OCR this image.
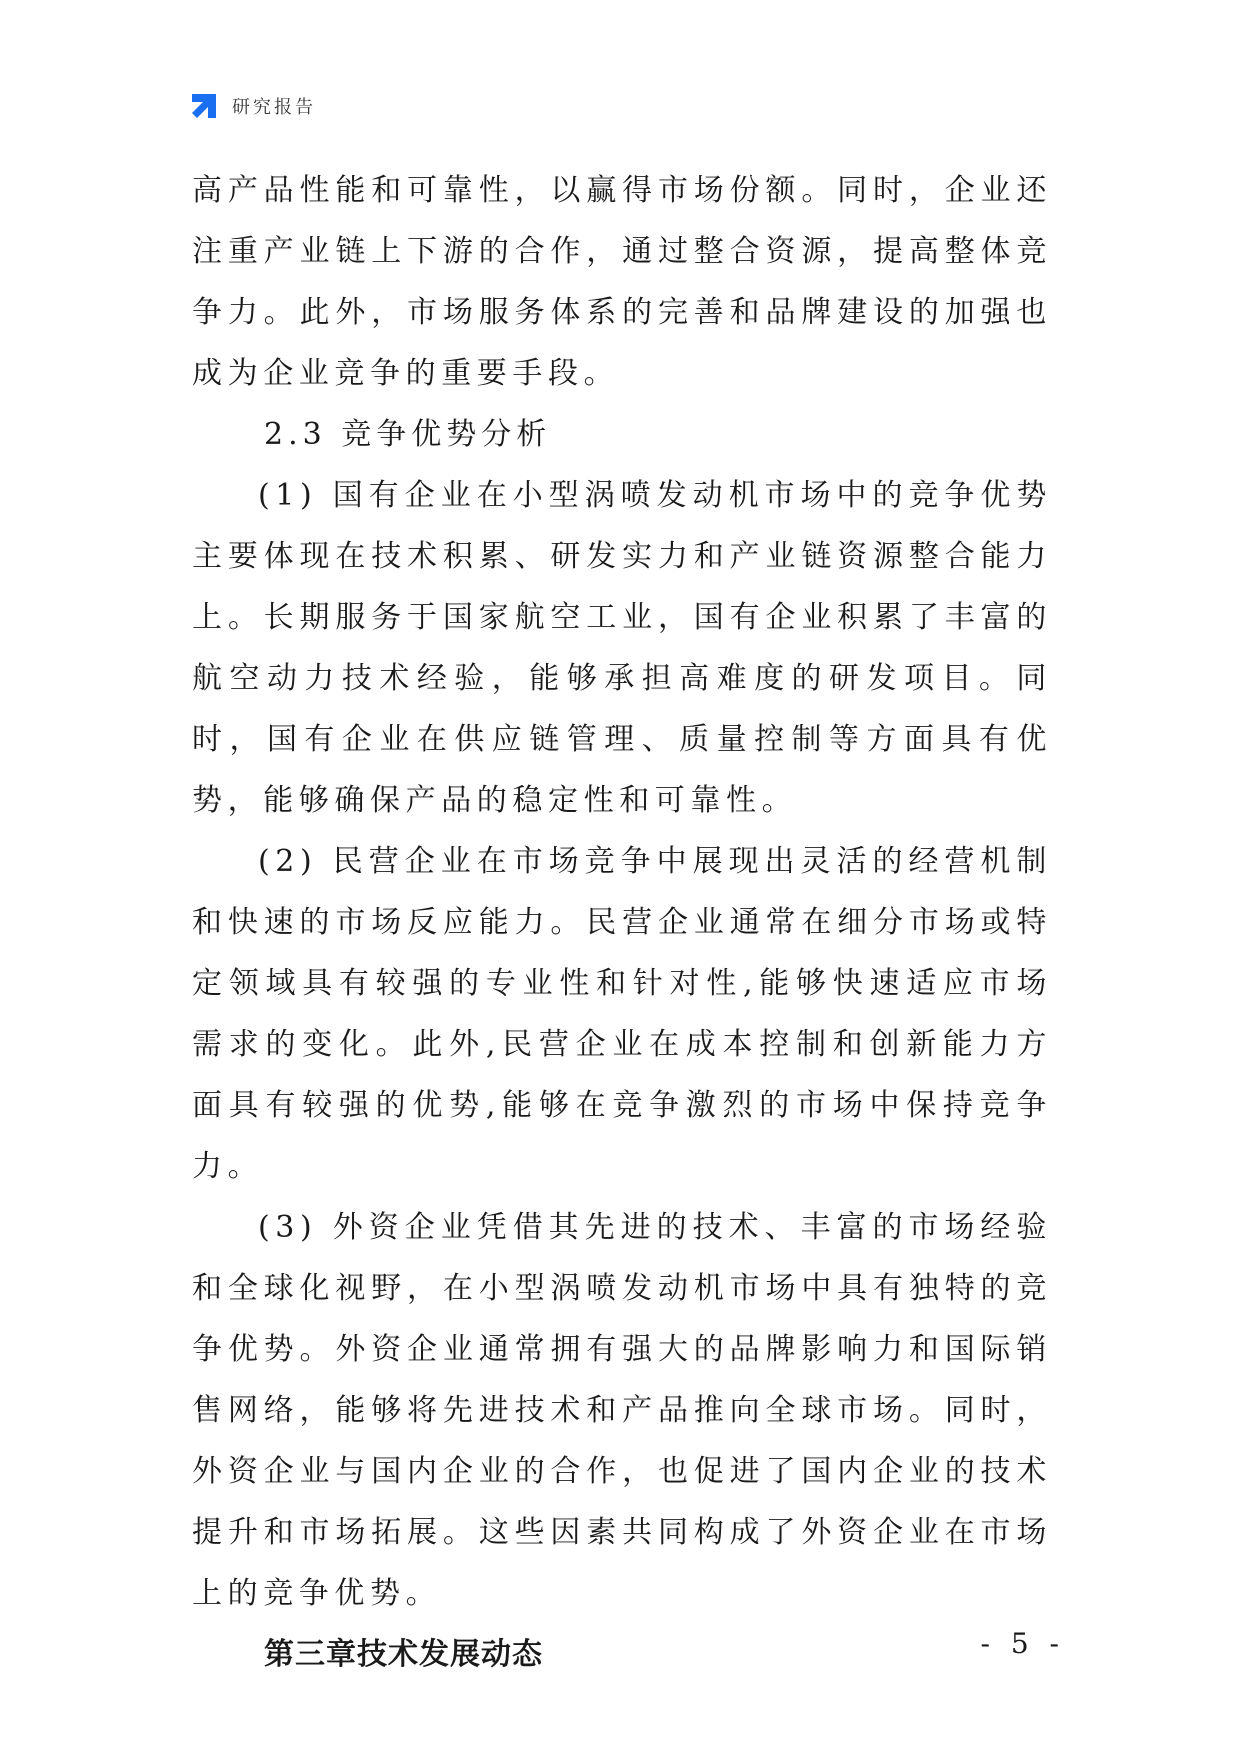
研究报告

高产品性能和可靠性，以赢得市场份额。同时，企业还注重产业链上下游的合作，通过整合资源，提高整体竞争力。此外，市场服务体系的完善和品牌建设的加强也成为企业竞争的重要手段。

2.3 竞争优势分析

(1) 国有企业在小型涡喷发动机市场中的竞争优势主要体现在技术积累、研发实力和产业链资源整合能力上。长期服务于国家航空工业，国有企业积累了丰富的航空动力技术经验，能够承担高难度的研发项目。同时，国有企业在供应链管理、质量控制等方面具有优势，能够确保产品的稳定性和可靠性。

(2) 民营企业在市场竞争中展现出灵活的经营机制和快速的市场反应能力。民营企业通常在细分市场或特定领域具有较强的专业性和针对性,能够快速适应市场需求的变化。此外,民营企业在成本控制和创新能力方面具有较强的优势,能够在竞争激烈的市场中保持竞争力。

(3) 外资企业凭借其先进的技术、丰富的市场经验和全球化视野，在小型涡喷发动机市场中具有独特的竞争优势。外资企业通常拥有强大的品牌影响力和国际销售网络，能够将先进技术和产品推向全球市场。同时，外资企业与国内企业的合作，也促进了国内企业的技术提升和市场拓展。这些因素共同构成了外资企业在市场上的竞争优势。

第三章技术发展动态	- 5 -
